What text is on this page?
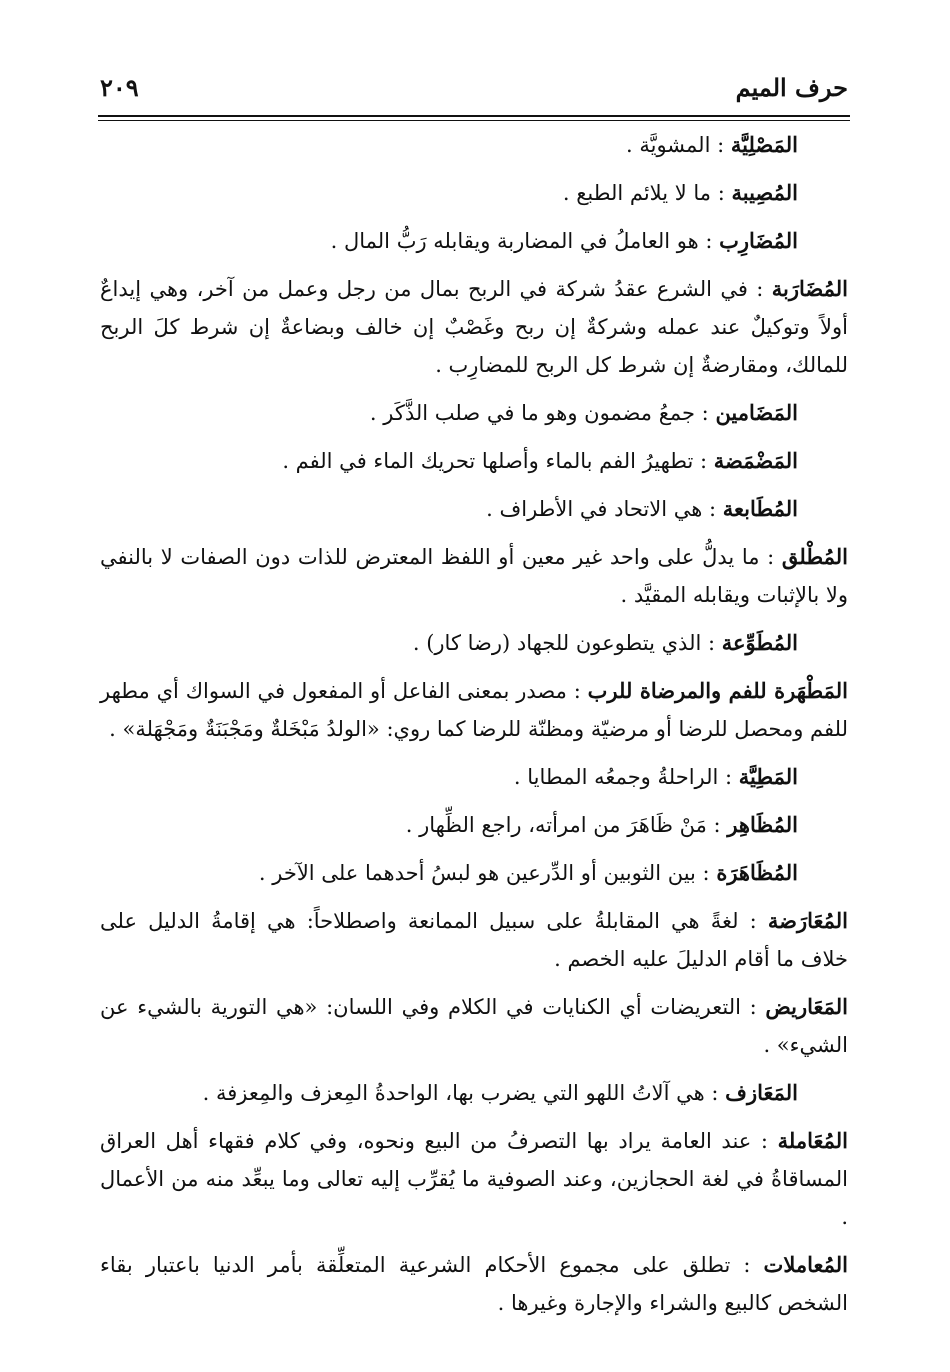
حرف الميم
٢٠٩

المَصْلِيَّة : المشويَّة .

المُصِيبة : ما لا يلائم الطبع .

المُضَارِب : هو العاملُ في المضاربة ويقابله رَبُّ المال .

المُضَارَبة : في الشرع عقدُ شركة في الربح بمال من رجل وعمل من آخر، وهي إيداعٌ أولاً وتوكيلٌ عند عمله وشركةٌ إن ربح وغَصْبٌ إن خالف وبضاعةٌ إن شرط كلَ الربح للمالك، ومقارضةٌ إن شرط كل الربح للمضارِب .

المَضَامين : جمعُ مضمون وهو ما في صلب الذَّكَر .

المَضْمَضة : تطهيرُ الفم بالماء وأصلها تحريك الماء في الفم .

المُطَابعة : هي الاتحاد في الأطراف .

المُطْلق : ما يدلُّ على واحد غير معين أو اللفظ المعترض للذات دون الصفات لا بالنفي ولا بالإثبات ويقابله المقيَّد .

المُطَوِّعة : الذي يتطوعون للجهاد (رضا كار) .

المَطْهَرة للفم والمرضاة للرب : مصدر بمعنى الفاعل أو المفعول في السواك أي مطهر للفم ومحصل للرضا أو مرضيّة ومظنّة للرضا كما روي: «الولدُ مَبْخَلةٌ ومَجْبَنَةٌ ومَجْهَلة» .

المَطِيَّة : الراحلةُ وجمعُه المطايا .

المُظَاهِر : مَنْ ظَاهَرَ من امرأته، راجع الظِّهار .

المُظَاهَرَة : بين الثوبين أو الدِّرعين هو لبسُ أحدهما على الآخر .

المُعَارَضة : لغةً هي المقابلةُ على سبيل الممانعة واصطلاحاً: هي إقامةُ الدليل على خلاف ما أقام الدليلَ عليه الخصم .

المَعَاريض : التعريضات أي الكنايات في الكلام وفي اللسان: «هي التورية بالشيء عن الشيء» .

المَعَازف : هي آلاتُ اللهو التي يضرب بها، الواحدةُ المِعزف والمِعزفة .

المُعَاملة : عند العامة يراد بها التصرفُ من البيع ونحوه، وفي كلام فقهاء أهل العراق المساقاةُ في لغة الحجازين، وعند الصوفية ما يُقرِّب إليه تعالى وما يبعِّد منه من الأعمال .

المُعاملات : تطلق على مجموع الأحكام الشرعية المتعلِّقة بأمر الدنيا باعتبار بقاء الشخص كالبيع والشراء والإجارة وغيرها .
